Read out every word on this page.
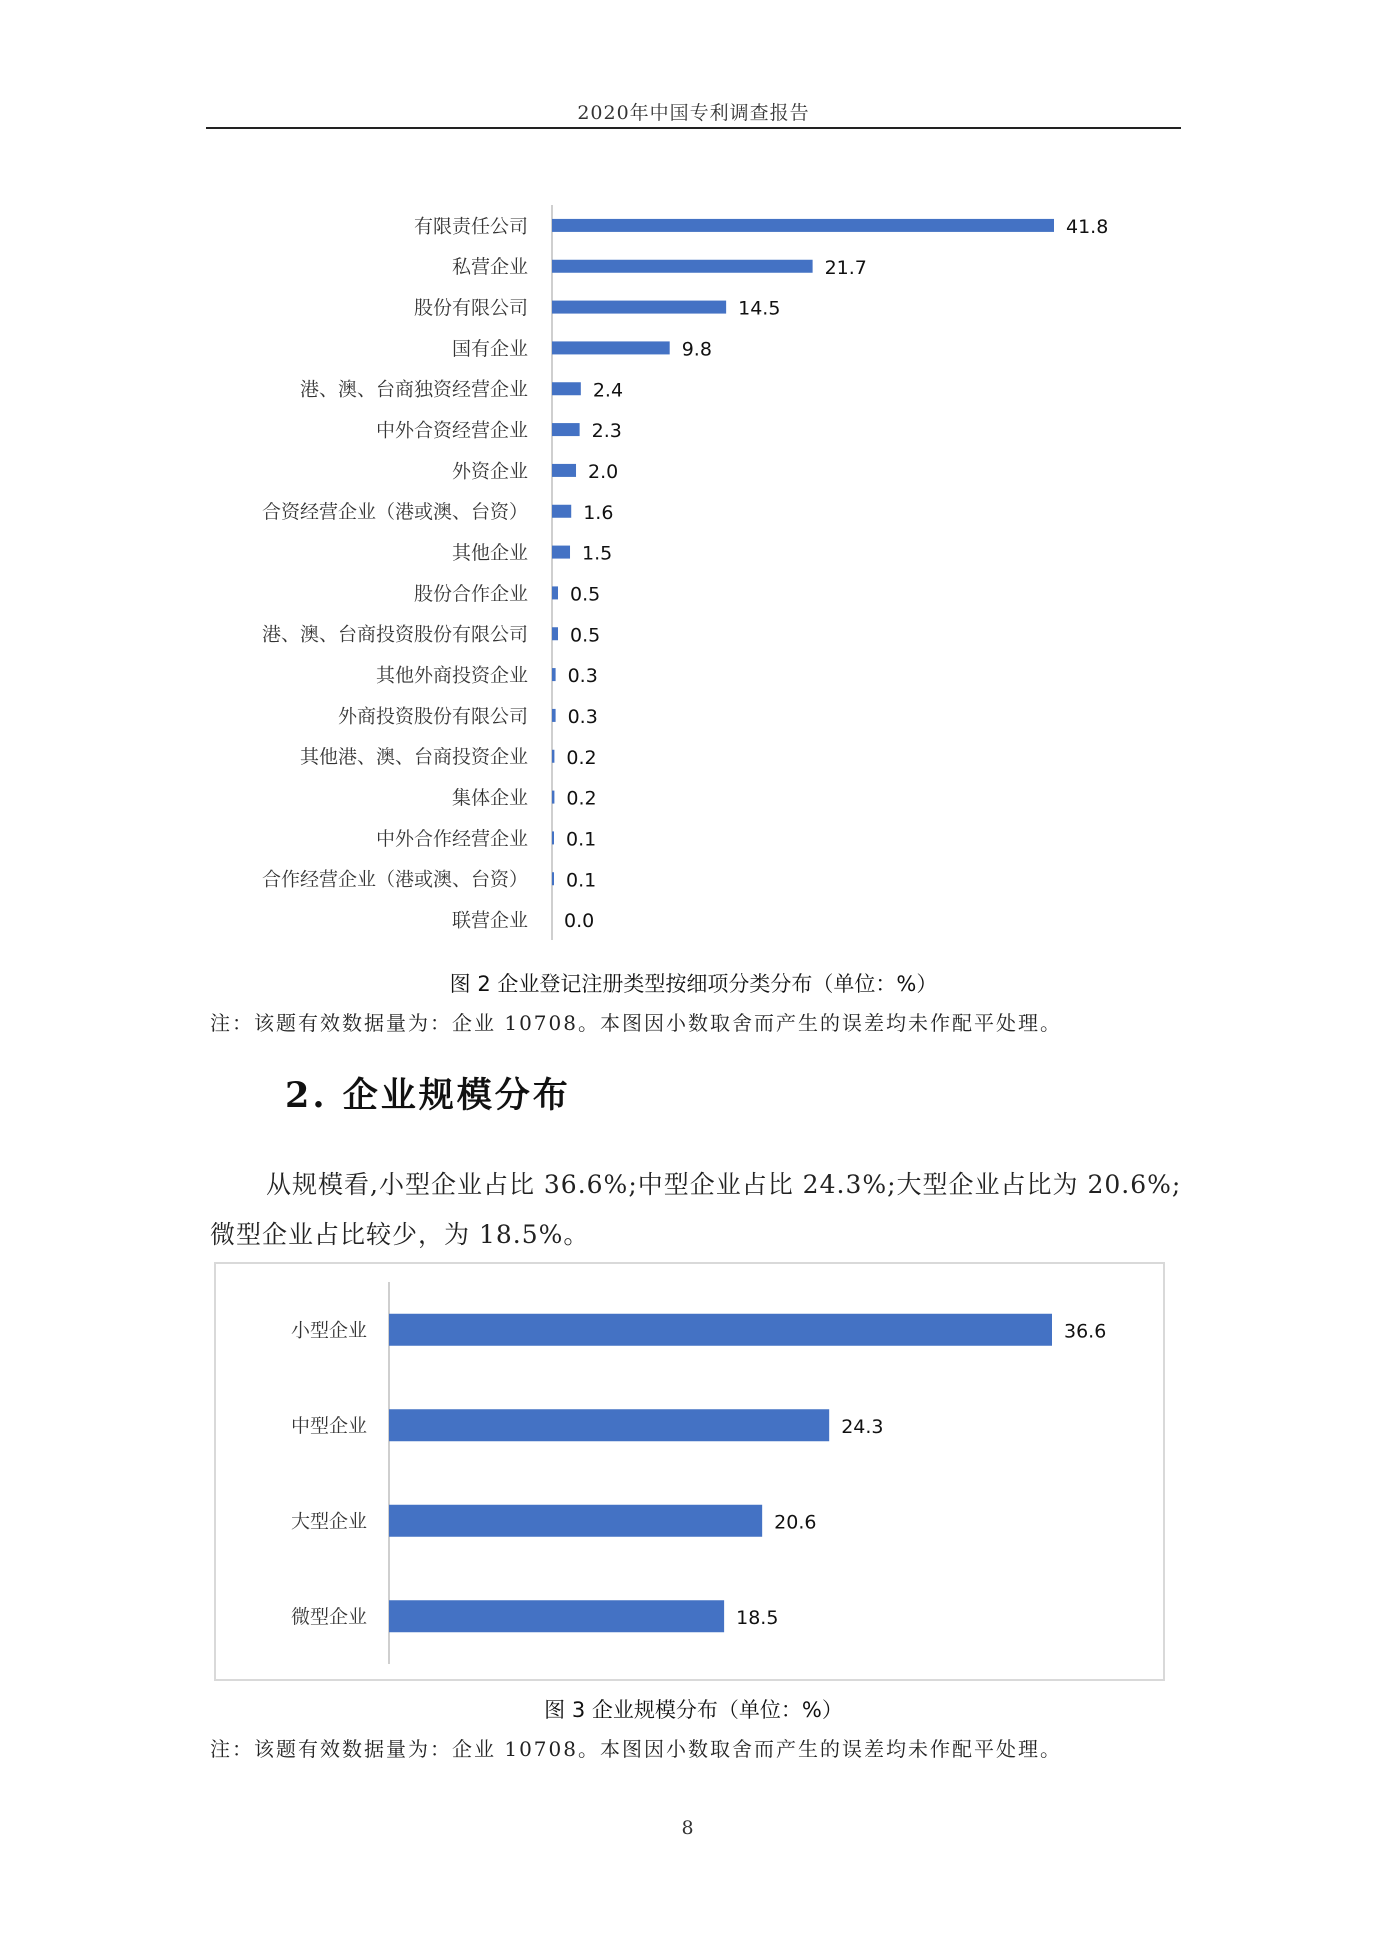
2020年中国专利调查报告
有限责任公司	41.8
私营企业	21.7
股份有限公司	14.5
国有企业	9.8
港、澳、台商独资经营企业	2.4
中外合资经营企业	2.3
外资企业	2.0
合资经营企业（港或澳、台资）	1.6
其他企业	1.5
股份合作企业 0.5
港、澳、台商投资股份有限公司 0.5
其他外商投资企业 0.3
外商投资股份有限公司 0.3
其他港、澳、台商投资企业 0.2
集体企业 0.2
中外合作经营企业 0.1
合作经营企业（港或澳、台资） 0.1
联营企业 0.0
图 2 企业登记注册类型按细项分类分布（单位：%）
注：该题有效数据量为：企业 10708。本图因小数取舍而产生的误差均未作配平处理。
2. 企业规模分布
从规模看,小型企业占比 36.6%;中型企业占比 24.3%;大型企业占比为 20.6%;微型企业占比较少，为 18.5%。
小型企业	36.6
中型企业	24.3
大型企业	20.6
微型企业	18.5
图 3 企业规模分布（单位：%）
注：该题有效数据量为：企业 10708。本图因小数取舍而产生的误差均未作配平处理。
8
